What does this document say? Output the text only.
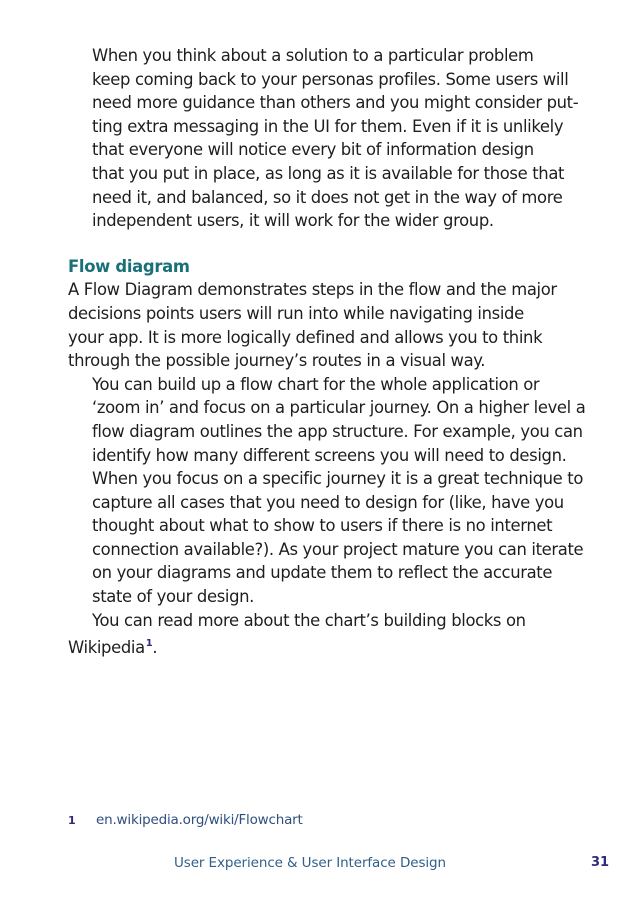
When you think about a solution to a particular problem
keep coming back to your personas profiles. Some users will
need more guidance than others and you might consider put-
ting extra messaging in the UI for them. Even if it is unlikely
that everyone will notice every bit of information design
that you put in place, as long as it is available for those that
need it, and balanced, so it does not get in the way of more
independent users, it will work for the wider group.

Flow diagram

A Flow Diagram demonstrates steps in the flow and the major
decisions points users will run into while navigating inside
your app. It is more logically defined and allows you to think
through the possible journey’s routes in a visual way.

You can build up a flow chart for the whole application or
‘zoom in’ and focus on a particular journey. On a higher level a
flow diagram outlines the app structure. For example, you can
identify how many different screens you will need to design.
When you focus on a specific journey it is a great technique to
capture all cases that you need to design for (like, have you
thought about what to show to users if there is no internet
connection available?). As your project mature you can iterate
on your diagrams and update them to reflect the accurate
state of your design.

You can read more about the chart’s building blocks on
Wikipedia$^1$.

1 en.wikipedia.org/wiki/Flowchart
User Experience & User Interface Design	31
